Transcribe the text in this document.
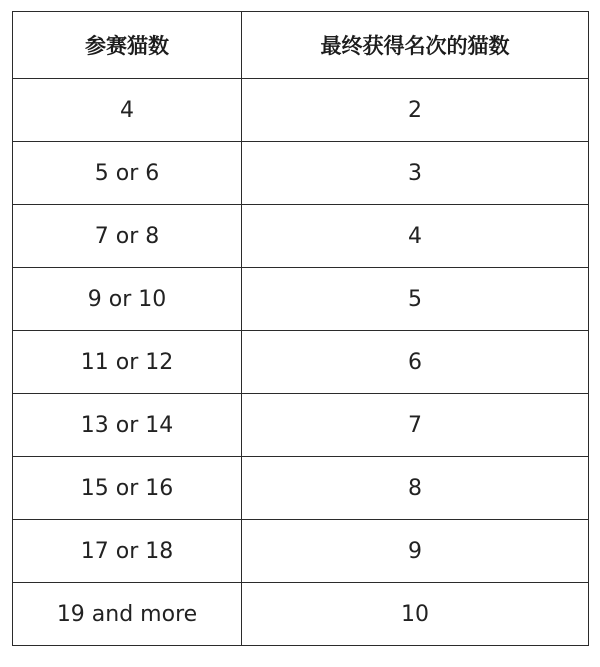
参赛猫数	最终获得名次的猫数
4	2
5 or 6	3
7 or 8	4
9 or 10	5
11 or 12	6
13 or 14	7
15 or 16	8
17 or 18	9
19 and more	10
